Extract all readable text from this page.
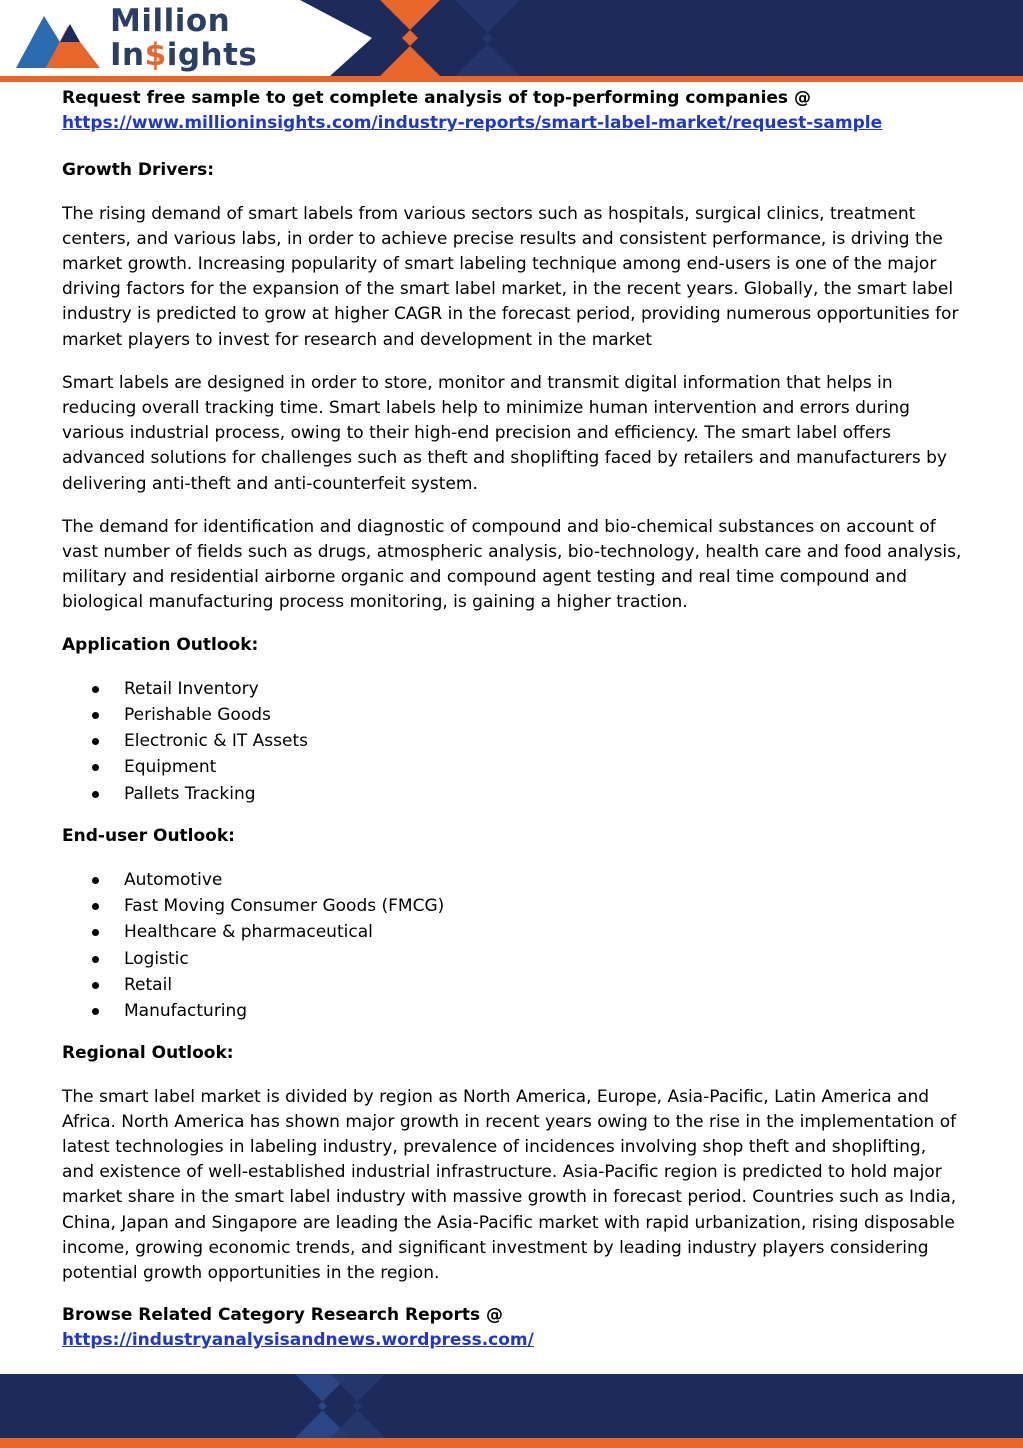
Million
In$ights

Request free sample to get complete analysis of top-performing companies @

https://www.millioninsights.com/industry-reports/smart-label-market/request-sample

Growth Drivers:

The rising demand of smart labels from various sectors such as hospitals, surgical clinics, treatment centers, and various labs, in order to achieve precise results and consistent performance, is driving the market growth. Increasing popularity of smart labeling technique among end-users is one of the major driving factors for the expansion of the smart label market, in the recent years. Globally, the smart label industry is predicted to grow at higher CAGR in the forecast period, providing numerous opportunities for market players to invest for research and development in the market

Smart labels are designed in order to store, monitor and transmit digital information that helps in reducing overall tracking time. Smart labels help to minimize human intervention and errors during various industrial process, owing to their high-end precision and efficiency. The smart label offers advanced solutions for challenges such as theft and shoplifting faced by retailers and manufacturers by delivering anti-theft and anti-counterfeit system.

The demand for identification and diagnostic of compound and bio-chemical substances on account of vast number of fields such as drugs, atmospheric analysis, bio-technology, health care and food analysis, military and residential airborne organic and compound agent testing and real time compound and biological manufacturing process monitoring, is gaining a higher traction.

Application Outlook:

Retail Inventory
Perishable Goods
Electronic & IT Assets
Equipment
Pallets Tracking

End-user Outlook:

Automotive
Fast Moving Consumer Goods (FMCG)
Healthcare & pharmaceutical
Logistic
Retail
Manufacturing

Regional Outlook:

The smart label market is divided by region as North America, Europe, Asia-Pacific, Latin America and Africa. North America has shown major growth in recent years owing to the rise in the implementation of latest technologies in labeling industry, prevalence of incidences involving shop theft and shoplifting, and existence of well-established industrial infrastructure. Asia-Pacific region is predicted to hold major market share in the smart label industry with massive growth in forecast period. Countries such as India, China, Japan and Singapore are leading the Asia-Pacific market with rapid urbanization, rising disposable income, growing economic trends, and significant investment by leading industry players considering potential growth opportunities in the region.

Browse Related Category Research Reports @ https://industryanalysisandnews.wordpress.com/
